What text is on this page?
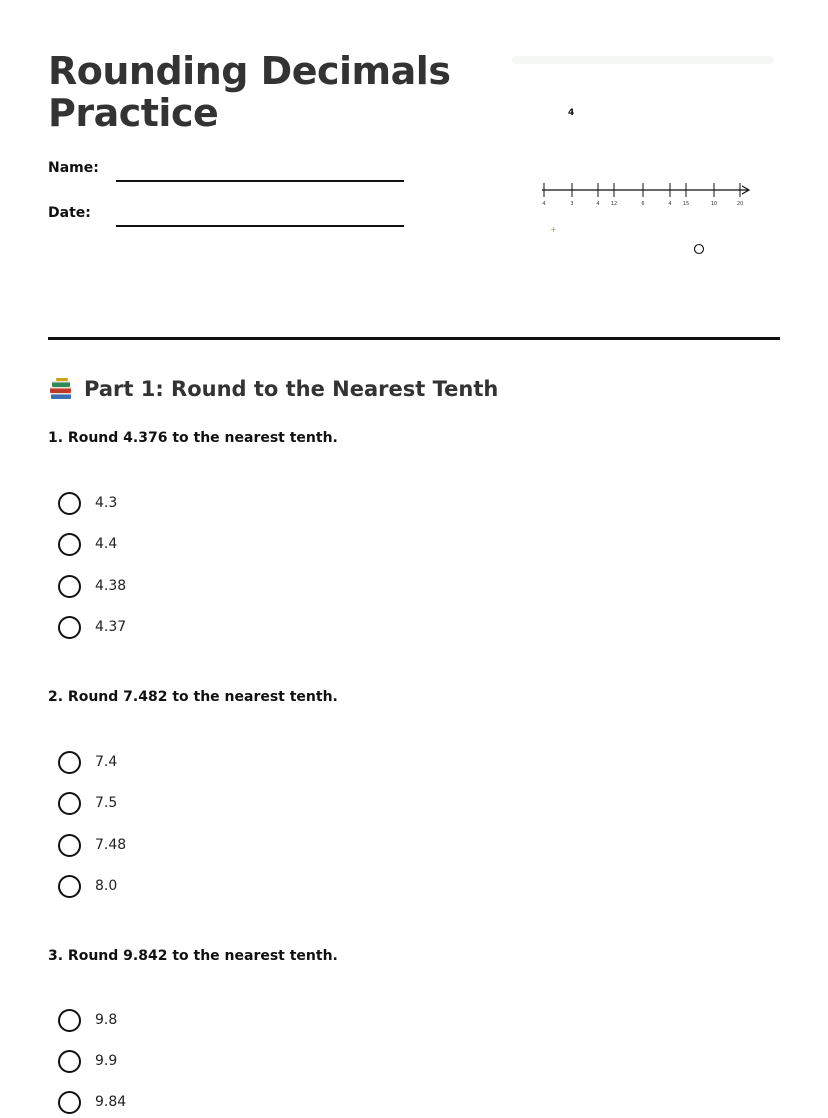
Rounding Decimals
Practice
Name:
Date:
4
4	3	4 12	6	4 15	10	20
+
Part 1: Round to the Nearest Tenth
1. Round 4.376 to the nearest tenth.
4.3
4.4
4.38
4.37
2. Round 7.482 to the nearest tenth.
7.4
7.5
7.48
8.0
3. Round 9.842 to the nearest tenth.
9.8
9.9
9.84
